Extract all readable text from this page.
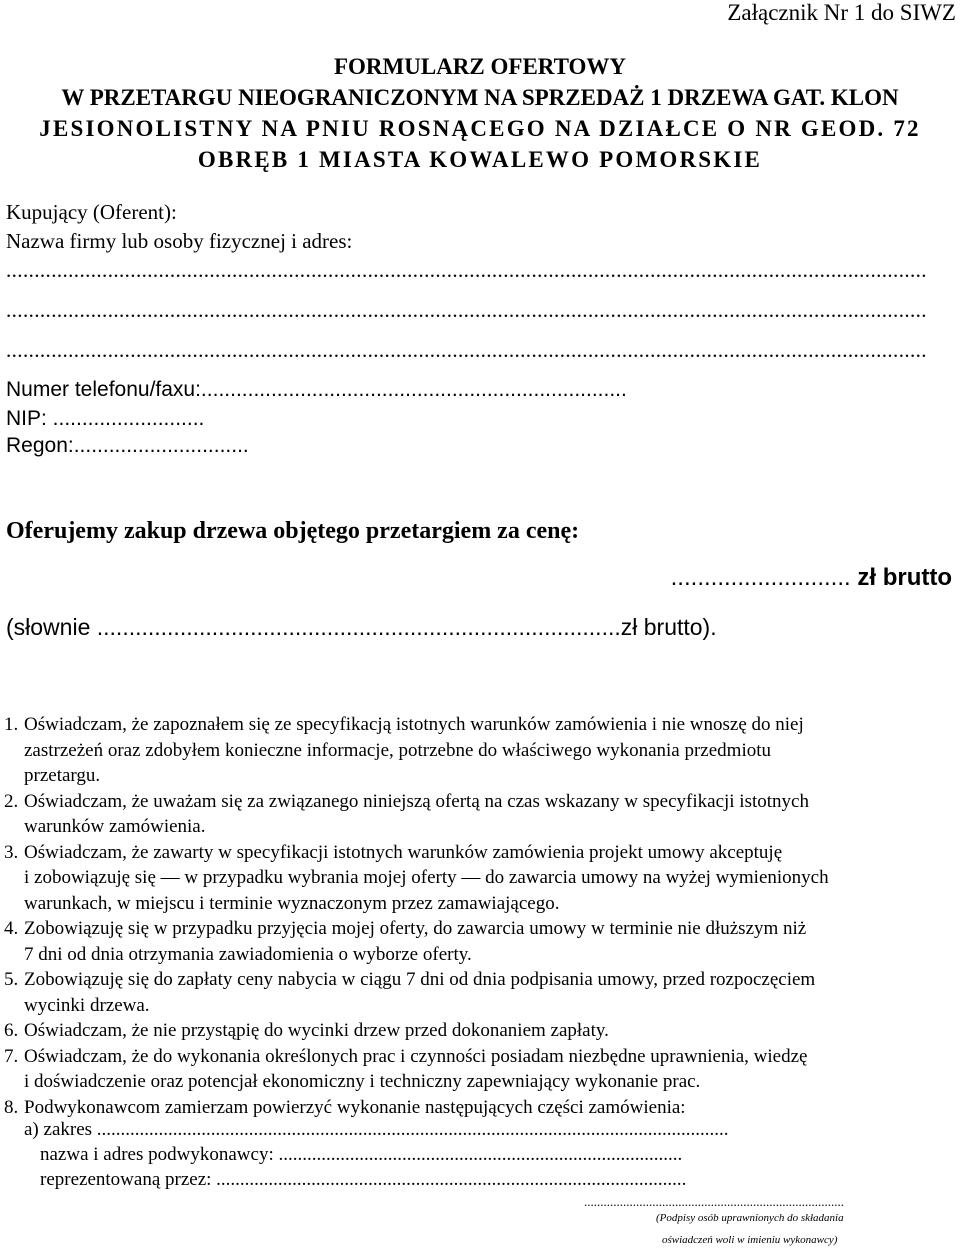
Załącznik Nr 1 do SIWZ
FORMULARZ OFERTOWY
W PRZETARGU NIEOGRANICZONYM NA SPRZEDAŻ 1 DRZEWA GAT. KLON
JESIONOLISTNY NA PNIU ROSNĄCEGO NA DZIAŁCE O NR GEOD. 72
OBRĘB 1 MIASTA KOWALEWO POMORSKIE
Kupujący (Oferent):
Nazwa firmy lub osoby fizycznej i adres:
...................................................................................................................................................................
...................................................................................................................................................................
...................................................................................................................................................................
Numer telefonu/faxu:.........................................................................
NIP: ..........................
Regon:..............................
Oferujemy zakup drzewa objętego przetargiem za cenę:
........................... zł brutto
(słownie ..................................................................................zł brutto).
1. Oświadczam, że zapoznałem się ze specyfikacją istotnych warunków zamówienia i nie wnoszę do niej
zastrzeżeń oraz zdobyłem konieczne informacje, potrzebne do właściwego wykonania przedmiotu
przetargu.
2. Oświadczam, że uważam się za związanego niniejszą ofertą na czas wskazany w specyfikacji istotnych
warunków zamówienia.
3. Oświadczam, że zawarty w specyfikacji istotnych warunków zamówienia projekt umowy akceptuję
i zobowiązuję się — w przypadku wybrania mojej oferty — do zawarcia umowy na wyżej wymienionych
warunkach, w miejscu i terminie wyznaczonym przez zamawiającego.
4. Zobowiązuję się w przypadku przyjęcia mojej oferty, do zawarcia umowy w terminie nie dłuższym niż
7 dni od dnia otrzymania zawiadomienia o wyborze oferty.
5. Zobowiązuję się do zapłaty ceny nabycia w ciągu 7 dni od dnia podpisania umowy, przed rozpoczęciem
wycinki drzewa.
6. Oświadczam, że nie przystąpię do wycinki drzew przed dokonaniem zapłaty.
7. Oświadczam, że do wykonania określonych prac i czynności posiadam niezbędne uprawnienia, wiedzę
i doświadczenie oraz potencjał ekonomiczny i techniczny zapewniający wykonanie prac.
8. Podwykonawcom zamierzam powierzyć wykonanie następujących części zamówienia:
a) zakres .....................................................................................................................................
nazwa i adres podwykonawcy: .....................................................................................
reprezentowaną przez: ...................................................................................................
................................................................................
(Podpisy osób uprawnionych do składania
oświadczeń woli w imieniu wykonawcy)
